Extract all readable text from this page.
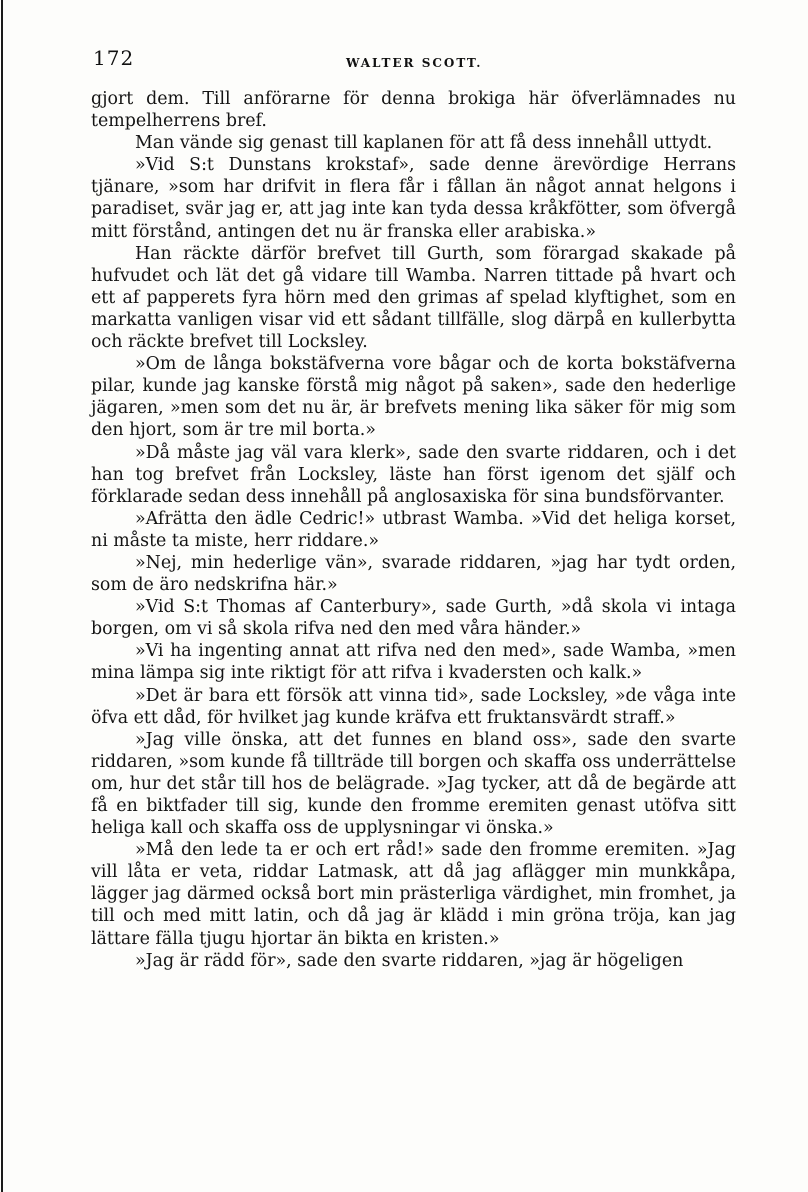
172	WALTER SCOTT.

gjort dem. Till anförarne för denna brokiga här öfverlämnades nu tempelherrens bref.

Man vände sig genast till kaplanen för att få dess innehåll uttydt.

»Vid S:t Dunstans krokstaf», sade denne ärevördige Herrans tjänare, »som har drifvit in flera får i fållan än något annat helgons i paradiset, svär jag er, att jag inte kan tyda dessa kråkfötter, som öfvergå mitt förstånd, antingen det nu är franska eller arabiska.»

Han räckte därför brefvet till Gurth, som förargad skakade på hufvudet och lät det gå vidare till Wamba. Narren tittade på hvart och ett af papperets fyra hörn med den grimas af spelad klyftighet, som en markatta vanligen visar vid ett sådant tillfälle, slog därpå en kullerbytta och räckte brefvet till Locksley.

»Om de långa bokstäfverna vore bågar och de korta bokstäfverna pilar, kunde jag kanske förstå mig något på saken», sade den hederlige jägaren, »men som det nu är, är brefvets mening lika säker för mig som den hjort, som är tre mil borta.»

»Då måste jag väl vara klerk», sade den svarte riddaren, och i det han tog brefvet från Locksley, läste han först igenom det själf och förklarade sedan dess innehåll på anglosaxiska för sina bundsförvanter.

»Afrätta den ädle Cedric!» utbrast Wamba. »Vid det heliga korset, ni måste ta miste, herr riddare.»

»Nej, min hederlige vän», svarade riddaren, »jag har tydt orden, som de äro nedskrifna här.»

»Vid S:t Thomas af Canterbury», sade Gurth, »då skola vi intaga borgen, om vi så skola rifva ned den med våra händer.»

»Vi ha ingenting annat att rifva ned den med», sade Wamba, »men mina lämpa sig inte riktigt för att rifva i kvadersten och kalk.»

»Det är bara ett försök att vinna tid», sade Locksley, »de våga inte öfva ett dåd, för hvilket jag kunde kräfva ett fruktansvärdt straff.»

»Jag ville önska, att det funnes en bland oss», sade den svarte riddaren, »som kunde få tillträde till borgen och skaffa oss underrättelse om, hur det står till hos de belägrade. »Jag tycker, att då de begärde att få en biktfader till sig, kunde den fromme eremiten genast utöfva sitt heliga kall och skaffa oss de upplysningar vi önska.»

»Må den lede ta er och ert råd!» sade den fromme eremiten. »Jag vill låta er veta, riddar Latmask, att då jag aflägger min munkkåpa, lägger jag därmed också bort min prästerliga värdighet, min fromhet, ja till och med mitt latin, och då jag är klädd i min gröna tröja, kan jag lättare fälla tjugu hjortar än bikta en kristen.»

»Jag är rädd för», sade den svarte riddaren, »jag är högeligen
